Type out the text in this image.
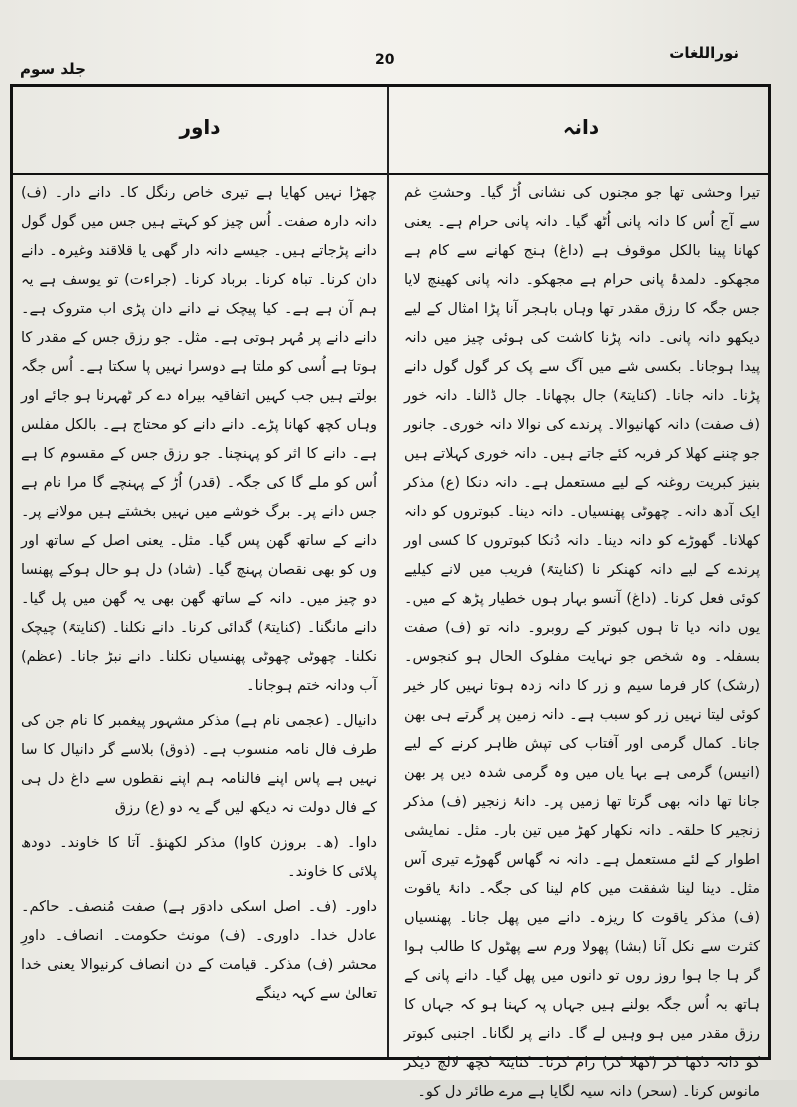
نوراللغات
20
جلد سوم
دانہ
داور

تیرا وحشی تھا جو مجنوں کی نشانی اُڑ گیا۔ وحشتِ غم سے آج اُس کا دانہ پانی اُٹھ گیا۔ دانہ پانی حرام ہے۔ یعنی کھانا پینا بالکل موقوف ہے (داغ) ہنج کھانے سے کام ہے مجھکو۔ دلمدۂ پانی حرام ہے مجھکو۔ دانہ پانی کھینچ لایا جس جگہ کا رزق مقدر تھا وہاں باہجر آنا پڑا امثال کے لیے دیکھو دانہ پانی۔ دانہ پڑنا کاشت کی ہوئی چیز میں دانہ پیدا ہوجانا۔ بکسی شے میں آگ سے پک کر گول گول دانے پڑنا۔ دانہ جانا۔ (کنایتہً) جال بچھانا۔ جال ڈالنا۔ دانہ خور (ف صفت) دانہ کھانیوالا۔ پرندے کی نوالا دانہ خوری۔ جانور جو چننے کھلا کر فربہ کئے جاتے ہیں۔ دانہ خوری کہلاتے ہیں بنیز کبریت روغنہ کے لیے مستعمل ہے۔ دانہ دنکا (ع) مذکر ایک آدھ دانہ۔ چھوٹی پھنسیاں۔ دانہ دینا۔ کبوتروں کو دانہ کھلانا۔ گھوڑے کو دانہ دینا۔ دانہ دُنکا کبوتروں کا کسی اور پرندے کے لیے دانہ کھنکر نا (کنایتہً) فریب میں لانے کیلیے کوئی فعل کرنا۔ (داغ) آنسو بہار ہوں خطیار پڑھ کے میں۔ یوں دانہ دیا تا ہوں کبوتر کے روبرو۔ دانہ تو (ف) صفت بسفلہ۔ وہ شخص جو نہایت مفلوک الحال ہو کنجوس۔ (رشک) کار فرما سیم و زر کا دانہ زدہ ہوتا نہیں کار خیر کوئی لیتا نہیں زر کو سبب ہے۔ دانہ زمین پر گرتے ہی بھن جانا۔ کمال گرمی اور آفتاب کی تپش ظاہر کرنے کے لیے (انیس) گرمی ہے بہا یاں میں وہ گرمی شدہ دیں پر بھن جانا تھا دانہ بھی گرتا تھا زمیں پر۔ دانۂ زنجیر (ف) مذکر زنجیر کا حلقہ۔ دانہ نکھار کھڑ میں تین بار۔ مثل۔ نمایشی اطوار کے لئے مستعمل ہے۔ دانہ نہ گھاس گھوڑے تیری آس مثل۔ دینا لینا شفقت میں کام لینا کی جگہ۔ دانۂ یاقوت (ف) مذکر یاقوت کا ریزہ۔ دانے میں پھل جانا۔ پھنسیاں کثرت سے نکل آنا (بشا) پھولا ورم سے پھٹول کا طالب ہوا گر ہا جا ہوا روز روں تو دانوں میں پھل گیا۔ دانے پانی کے ہاتھ بہ اُس جگہ بولنے ہیں جہاں پہ کہنا ہو کہ جہاں کا رزق مقدر میں ہو وہیں لے گا۔ دانے پر لگانا۔ اجنبی کبوتر کو دانہ دکھا کر (کھلا کر) رام کرنا۔ کنایتہً کچھ لالچ دیکر مانوس کرنا۔ (سحر) دانہ سیہ لگایا ہے مرے طائر دل کو۔

چھڑا نہیں کھایا ہے تیری خاص رنگل کا۔ دانے دار۔ (ف) دانہ دارہ صفت۔ اُس چیز کو کہتے ہیں جس میں گول گول دانے پڑجاتے ہیں۔ جیسے دانہ دار گھی یا قلاقند وغیرہ۔ دانے دان کرنا۔ تباہ کرنا۔ برباد کرنا۔ (جراءت) تو یوسف ہے یہ ہم آن ہے ہے۔ کیا پیچک نے دانے دان پڑی اب متروک ہے۔ دانے دانے پر مُہر ہوتی ہے۔ مثل۔ جو رزق جس کے مقدر کا ہوتا ہے اُسی کو ملتا ہے دوسرا نہیں پا سکتا ہے۔ اُس جگہ بولتے ہیں جب کہیں اتفاقیہ بیراہ دے کر ٹھہرنا ہو جائے اور وہاں کچھ کھانا پڑے۔ دانے دانے کو محتاج ہے۔ بالکل مفلس ہے۔ دانے کا اثر کو پہنچنا۔ جو رزق جس کے مقسوم کا ہے اُس کو ملے گا کی جگہ۔ (قدر) اُڑ کے پہنچے گا مرا نام ہے جس دانے پر۔ برگ خوشے میں نہیں بخشتے ہیں مولانے پر۔ دانے کے ساتھ گھن پس گیا۔ مثل۔ یعنی اصل کے ساتھ اور وں کو بھی نقصان پہنچ گیا۔ (شاد) دل ہو حال ہوکے پھنسا دو چیز میں۔ دانہ کے ساتھ گھن بھی یہ گھن میں پل گیا۔ دانے مانگنا۔ (کنایتہً) گدائی کرنا۔ دانے نکلنا۔ (کنایتہً) چیچک نکلنا۔ چھوٹی چھوٹی پھنسیاں نکلنا۔ دانے نبڑ جانا۔ (عظم) آب ودانہ ختم ہوجانا۔

دانیال۔ (عجمی نام ہے) مذکر مشہور پیغمبر کا نام جن کی طرف فال نامہ منسوب ہے۔ (ذوق) بلاسے گر دانیال کا سا نہیں ہے پاس اپنے فالنامہ ہم اپنے نقطوں سے داغ دل ہی کے فال دولت نہ دیکھ لیں گے یہ دو (ع) رزق

داوا۔ (ھ۔ بروزن کاوا) مذکر لکھنؤ۔ آتا کا خاوند۔ دودھ پلائی کا خاوند۔

داور۔ (ف۔ اصل اسکی دادوَر ہے) صفت مُنصف۔ حاکم۔ عادل خدا۔ داوری۔ (ف) مونث حکومت۔ انصاف۔ داورِ محشر (ف) مذکر۔ قیامت کے دن انصاف کرنیوالا یعنی خدا تعالیٰ سے کہہ دینگے
